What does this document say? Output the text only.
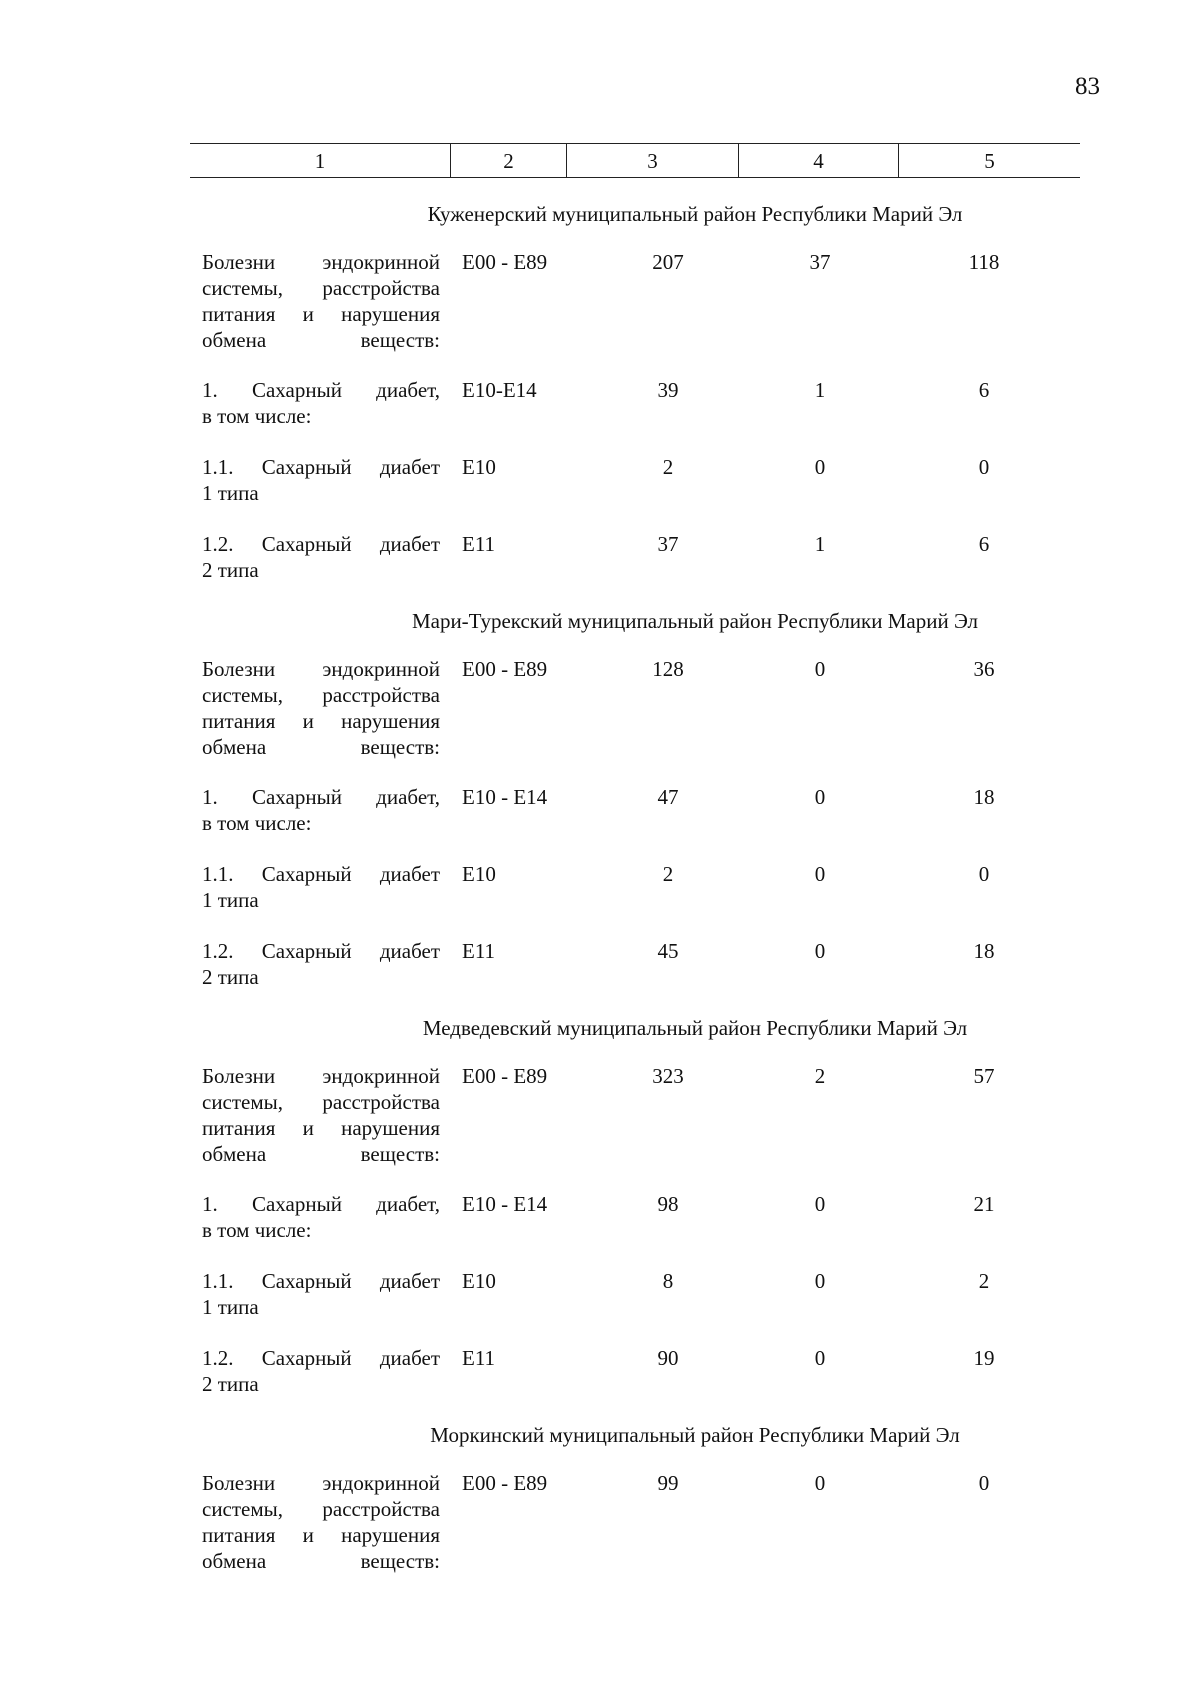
83
1	2	3	4	5
Куженерский муниципальный район Республики Марий Эл
Болезни эндокринной
системы, расстройства
питания и нарушения
обмена веществ:
E00 - E89	207	37	118
1. Сахарный диабет,
в том числе:
E10-E14	39	1	6
1.1. Сахарный диабет
1 типа
E10	2	0	0
1.2. Сахарный диабет
2 типа
E11	37	1	6
Мари-Турекский муниципальный район Республики Марий Эл
Болезни эндокринной
системы, расстройства
питания и нарушения
обмена веществ:
E00 - E89	128	0	36
1. Сахарный диабет,
в том числе:
E10 - E14	47	0	18
1.1. Сахарный диабет
1 типа
E10	2	0	0
1.2. Сахарный диабет
2 типа
E11	45	0	18
Медведевский муниципальный район Республики Марий Эл
Болезни эндокринной
системы, расстройства
питания и нарушения
обмена веществ:
E00 - E89	323	2	57
1. Сахарный диабет,
в том числе:
E10 - E14	98	0	21
1.1. Сахарный диабет
1 типа
E10	8	0	2
1.2. Сахарный диабет
2 типа
E11	90	0	19
Моркинский муниципальный район Республики Марий Эл
Болезни эндокринной
системы, расстройства
питания и нарушения
обмена веществ:
E00 - E89	99	0	0
